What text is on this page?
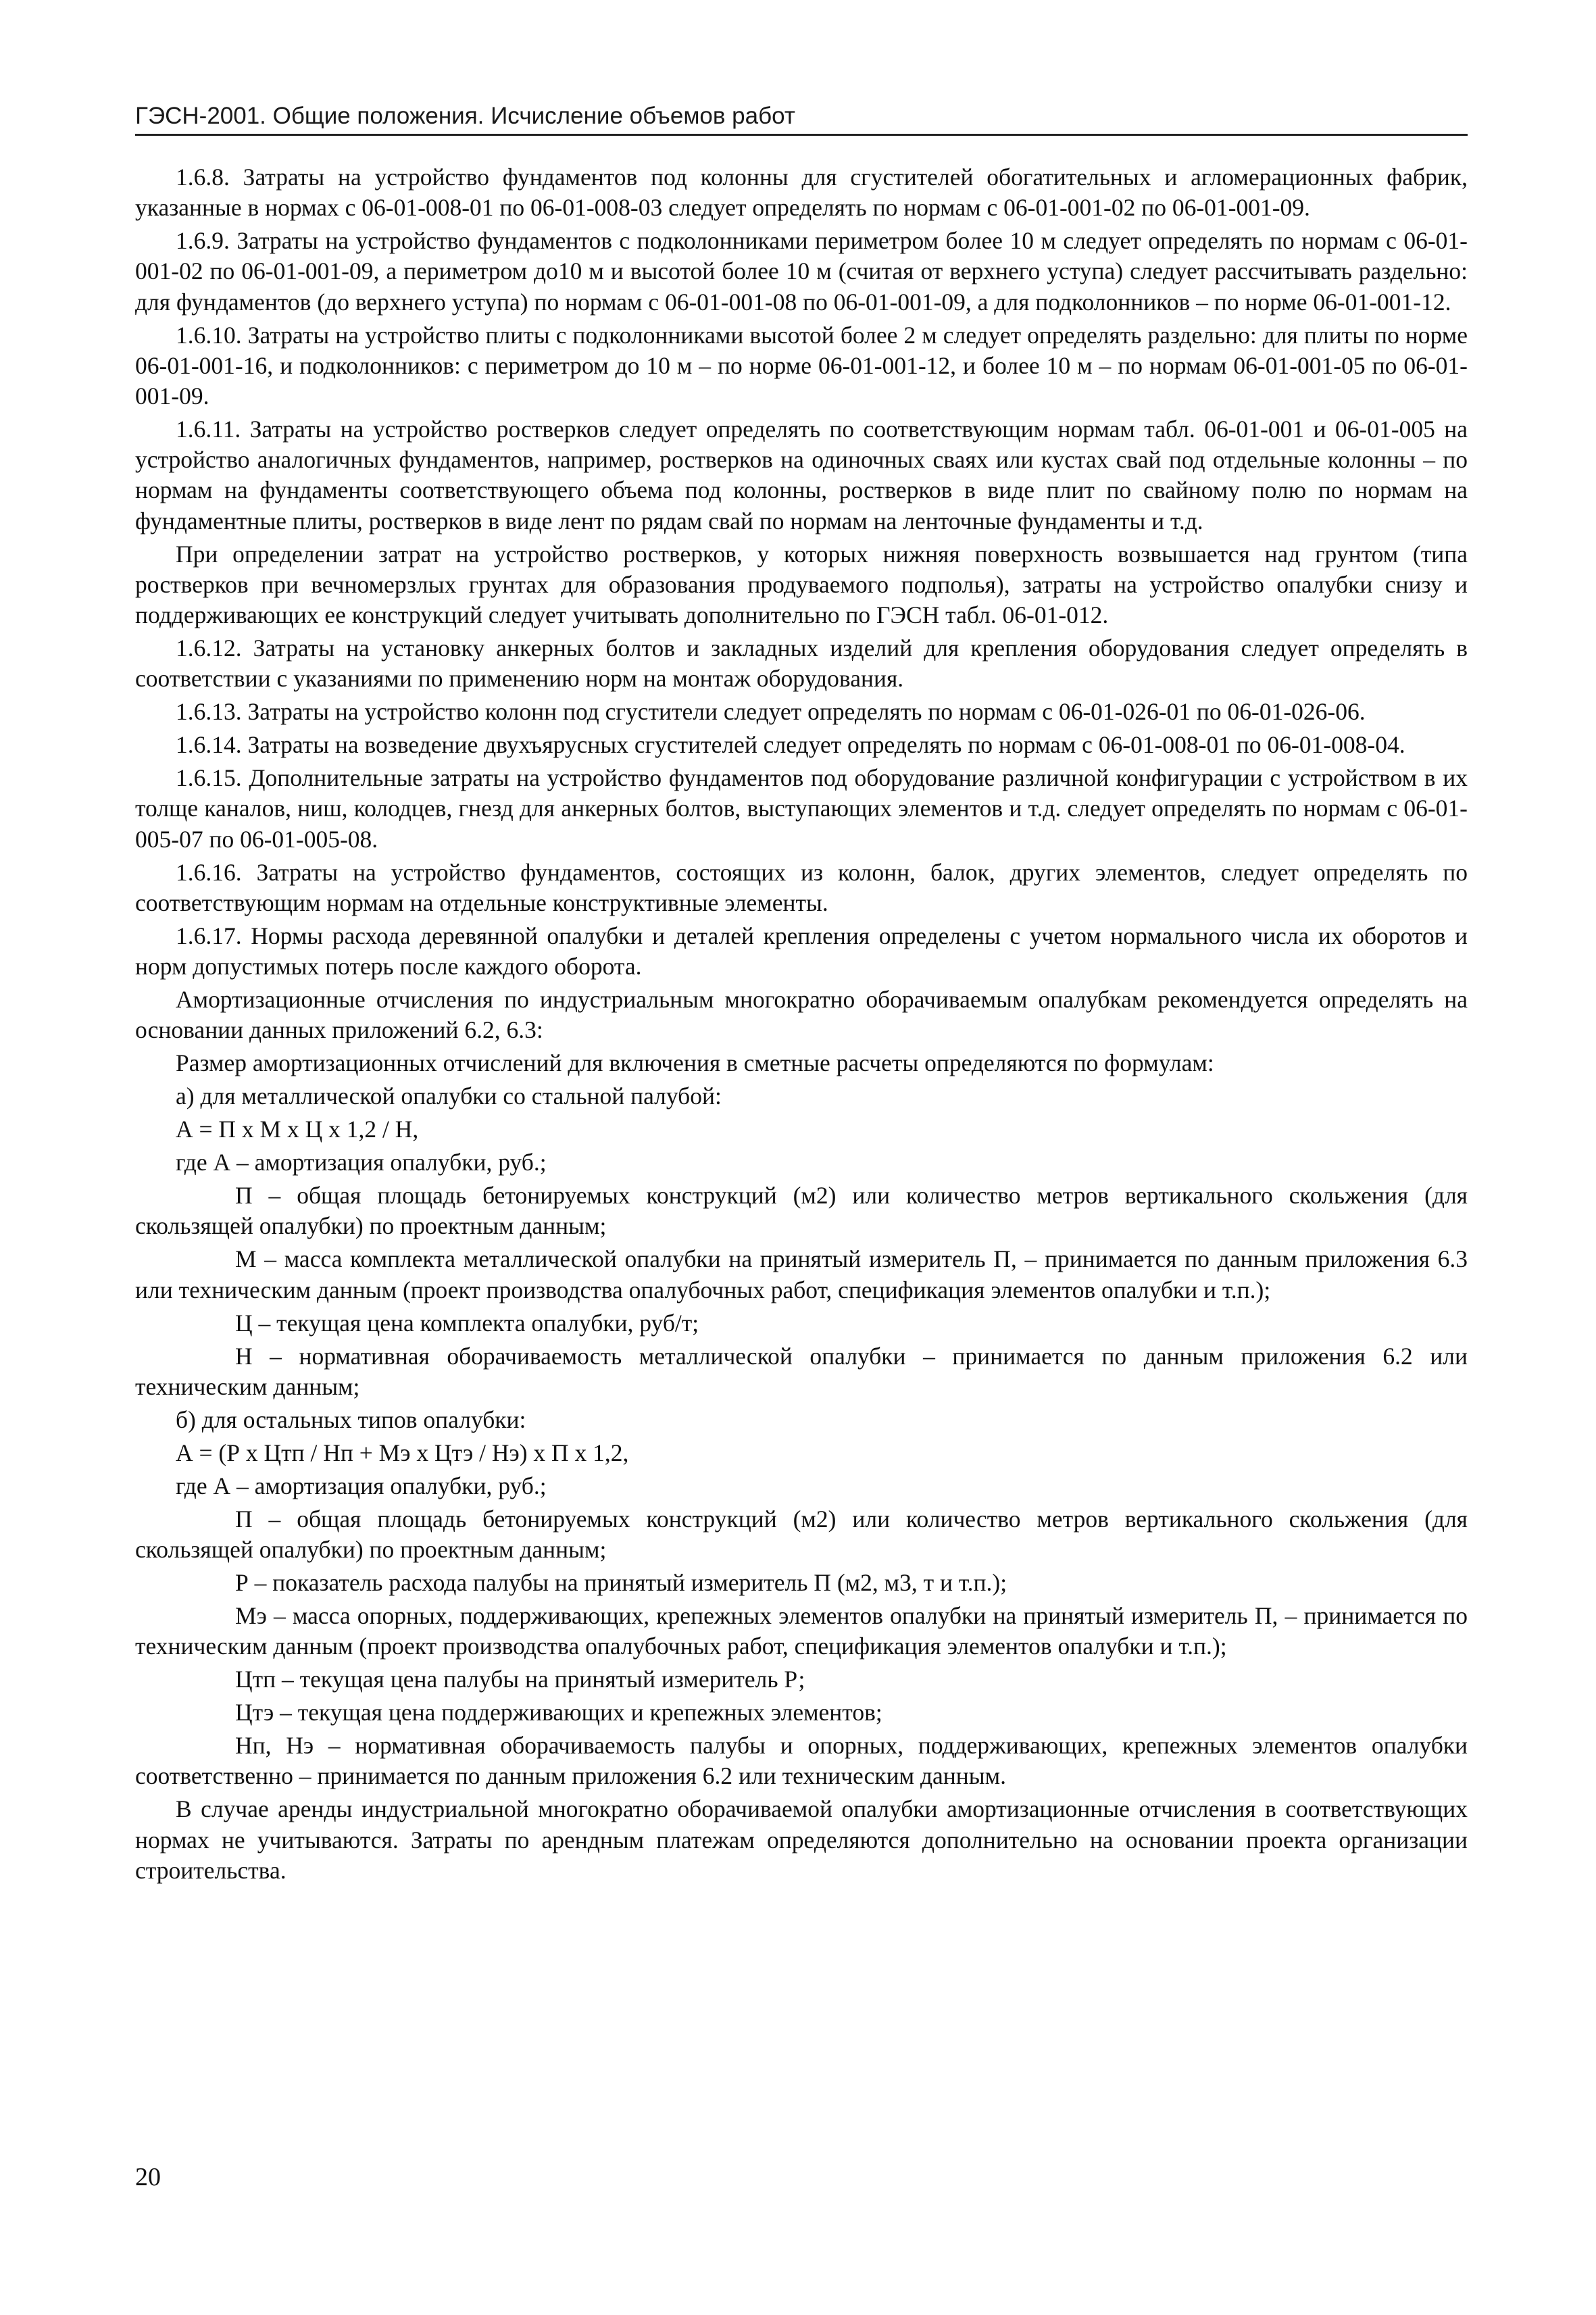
ГЭСН-2001. Общие положения. Исчисление объемов работ

1.6.8. Затраты на устройство фундаментов под колонны для сгустителей обогатительных и агломерационных фабрик, указанные в нормах с 06-01-008-01 по 06-01-008-03 следует определять по нормам с 06-01-001-02 по 06-01-001-09.

1.6.9. Затраты на устройство фундаментов с подколонниками периметром более 10 м следует определять по нормам с 06-01-001-02 по 06-01-001-09, а периметром до10 м и высотой более 10 м (считая от верхнего уступа) следует рассчитывать раздельно: для фундаментов (до верхнего уступа) по нормам с 06-01-001-08 по 06-01-001-09, а для подколонников – по норме 06-01-001-12.

1.6.10. Затраты на устройство плиты с подколонниками высотой более 2 м следует определять раздельно: для плиты по норме 06-01-001-16, и подколонников: с периметром до 10 м – по норме 06-01-001-12, и более 10 м – по нормам 06-01-001-05 по 06-01-001-09.

1.6.11. Затраты на устройство ростверков следует определять по соответствующим нормам табл. 06-01-001 и 06-01-005 на устройство аналогичных фундаментов, например, ростверков на одиночных сваях или кустах свай под отдельные колонны – по нормам на фундаменты соответствующего объема под колонны, ростверков в виде плит по свайному полю по нормам на фундаментные плиты, ростверков в виде лент по рядам свай по нормам на ленточные фундаменты и т.д.

При определении затрат на устройство ростверков, у которых нижняя поверхность возвышается над грунтом (типа ростверков при вечномерзлых грунтах для образования продуваемого подполья), затраты на устройство опалубки снизу и поддерживающих ее конструкций следует учитывать дополнительно по ГЭСН табл. 06-01-012.

1.6.12. Затраты на установку анкерных болтов и закладных изделий для крепления оборудования следует определять в соответствии с указаниями по применению норм на монтаж оборудования.

1.6.13. Затраты на устройство колонн под сгустители следует определять по нормам с 06-01-026-01 по 06-01-026-06.

1.6.14. Затраты на возведение двухъярусных сгустителей следует определять по нормам с 06-01-008-01 по 06-01-008-04.

1.6.15. Дополнительные затраты на устройство фундаментов под оборудование различной конфигурации с устройством в их толще каналов, ниш, колодцев, гнезд для анкерных болтов, выступающих элементов и т.д. следует определять по нормам с 06-01-005-07 по 06-01-005-08.

1.6.16. Затраты на устройство фундаментов, состоящих из колонн, балок, других элементов, следует определять по соответствующим нормам на отдельные конструктивные элементы.

1.6.17. Нормы расхода деревянной опалубки и деталей крепления определены с учетом нормального числа их оборотов и норм допустимых потерь после каждого оборота.

Амортизационные отчисления по индустриальным многократно оборачиваемым опалубкам рекомендуется определять на основании данных приложений 6.2, 6.3:

Размер амортизационных отчислений для включения в сметные расчеты определяются по формулам:

а) для металлической опалубки со стальной палубой:

А = П х М х Ц х 1,2 / Н,

где А – амортизация опалубки, руб.;

П – общая площадь бетонируемых конструкций (м2) или количество метров вертикального скольжения (для скользящей опалубки) по проектным данным;

М – масса комплекта металлической опалубки на принятый измеритель П, – принимается по данным приложения 6.3 или техническим данным (проект производства опалубочных работ, спецификация элементов опалубки и т.п.);

Ц – текущая цена комплекта опалубки, руб/т;

Н – нормативная оборачиваемость металлической опалубки – принимается по данным приложения 6.2 или техническим данным;

б) для остальных типов опалубки:

А = (Р х Цтп / Нп + Мэ х Цтэ / Нэ) х П х 1,2,

где А – амортизация опалубки, руб.;

П – общая площадь бетонируемых конструкций (м2) или количество метров вертикального скольжения (для скользящей опалубки) по проектным данным;

Р – показатель расхода палубы на принятый измеритель П (м2, м3, т и т.п.);

Мэ – масса опорных, поддерживающих, крепежных элементов опалубки на принятый измеритель П, – принимается по техническим данным (проект производства опалубочных работ, спецификация элементов опалубки и т.п.);

Цтп – текущая цена палубы на принятый измеритель Р;

Цтэ – текущая цена поддерживающих и крепежных элементов;

Нп, Нэ – нормативная оборачиваемость палубы и опорных, поддерживающих, крепежных элементов опалубки соответственно – принимается по данным приложения 6.2 или техническим данным.

В случае аренды индустриальной многократно оборачиваемой опалубки амортизационные отчисления в соответствующих нормах не учитываются. Затраты по арендным платежам определяются дополнительно на основании проекта организации строительства.

20
